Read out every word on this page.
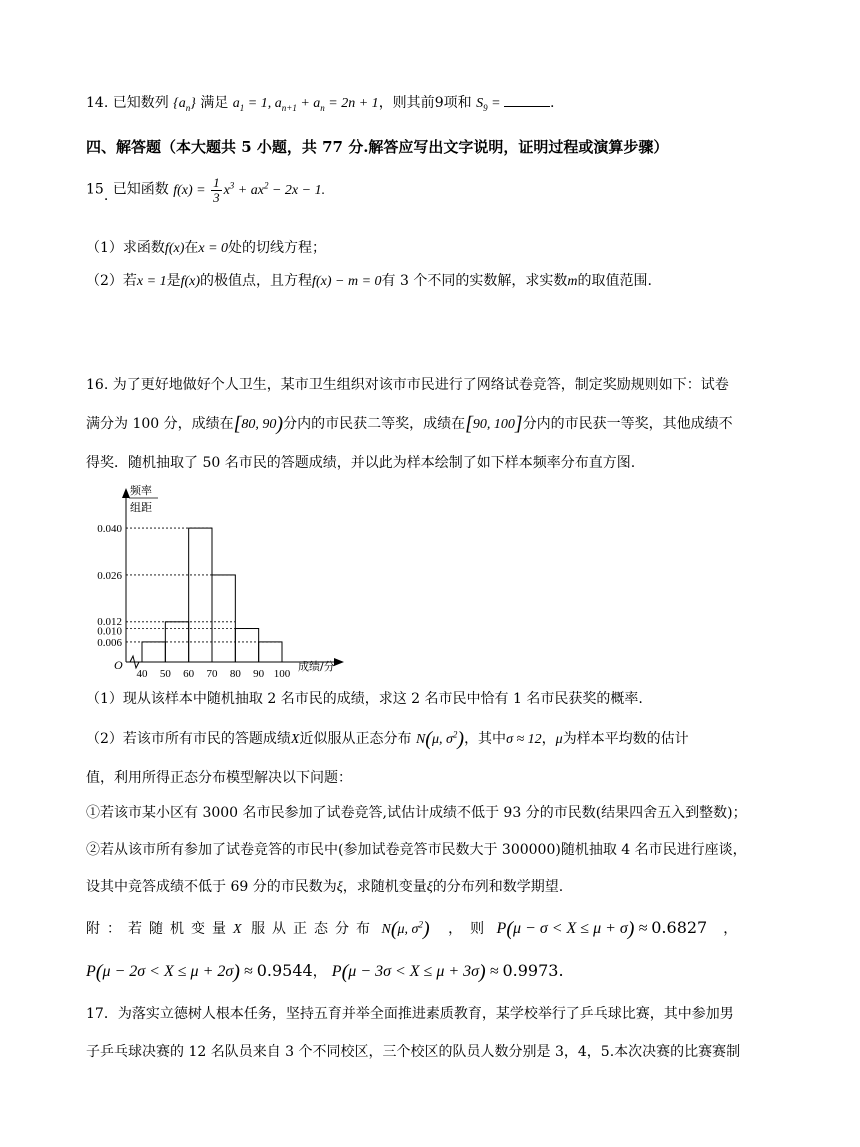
14. 已知数列 $\{a_n\}$ 满足 $a_1 = 1$, $a_{n+1} + a_n = 2n + 1$，则其前9项和 $S_9$ =	.
四、解答题（本大题共 5 小题，共 77 分.解答应写出文字说明，证明过程或演算步骤）
15. 已知函数 $f(x) = \frac{1}{3} x^3 + ax^2 - 2x - 1$.
（1）求函数f(x)在x = 0处的切线方程；
（2）若x = 1是f(x)的极值点，且方程f(x) − m = 0有 3 个不同的实数解，求实数m的取值范围.
16. 为了更好地做好个人卫生，某市卫生组织对该市市民进行了网络试卷竞答，制定奖励规则如下：试卷
满分为 100 分，成绩在[80, 90)分内的市民获二等奖，成绩在[90, 100]分内的市民获一等奖，其他成绩不
得奖．随机抽取了 50 名市民的答题成绩，并以此为样本绘制了如下样本频率分布直方图.
频率
组距
O
0.040
0.026
0.012
0.010
0.006
40 50 60 70 80 90 100
成绩/分
（1）现从该样本中随机抽取 2 名市民的成绩，求这 2 名市民中恰有 1 名市民获奖的概率.
（2）若该市所有市民的答题成绩X近似服从正态分布 N(μ, $\sigma^2$)，其中σ ≈ 12，μ为样本平均数的估计
值，利用所得正态分布模型解决以下问题：
①若该市某小区有 3000 名市民参加了试卷竞答,试估计成绩不低于 93 分的市民数(结果四舍五入到整数)；
②若从该市所有参加了试卷竞答的市民中(参加试卷竞答市民数大于 300000)随机抽取 4 名市民进行座谈，
设其中竞答成绩不低于 69 分的市民数为ξ，求随机变量ξ的分布列和数学期望.
附：若随机变量X 服从正态分布 N(μ, $\sigma^2$) ，则 P(μ − σ < X ≤ μ + σ) ≈ 0.6827 ，
P(μ − 2σ < X ≤ μ + 2σ) ≈ 0.9544， P(μ − 3σ < X ≤ μ + 3σ) ≈ 0.9973.
17．为落实立德树人根本任务，坚持五育并举全面推进素质教育，某学校举行了乒乓球比赛，其中参加男
子乒乓球决赛的 12 名队员来自 3 个不同校区，三个校区的队员人数分别是 3，4，5.本次决赛的比赛赛制
